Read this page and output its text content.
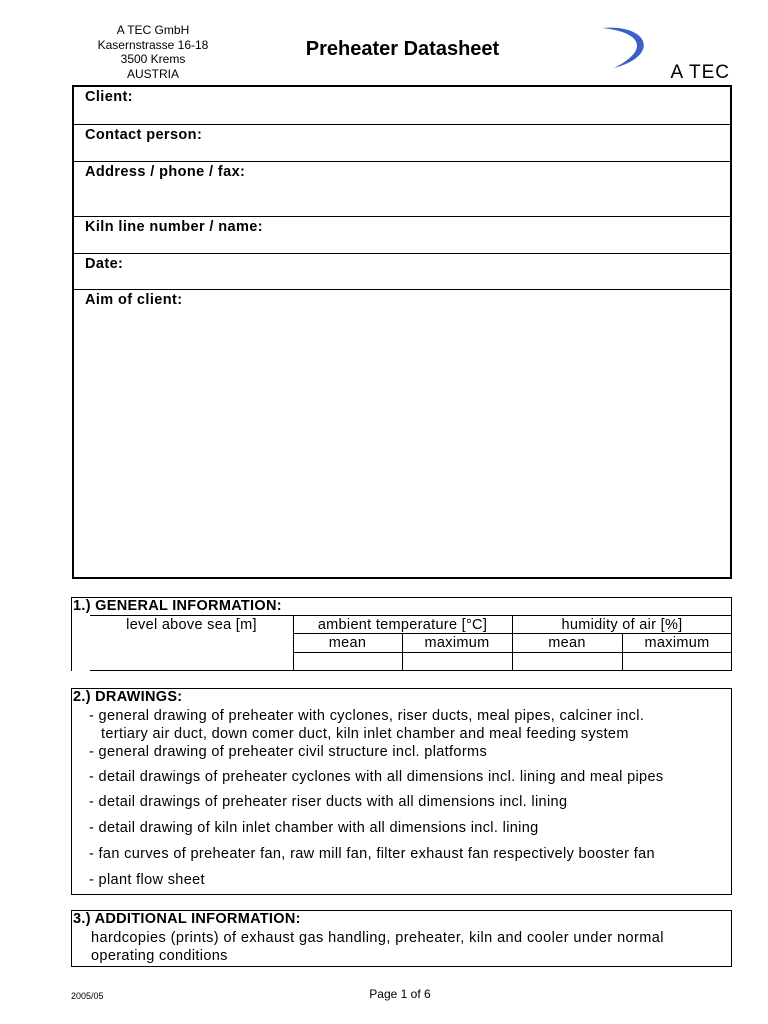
A TEC GmbH
Kasernstrasse 16-18
3500 Krems
AUSTRIA
Preheater Datasheet
A TEC
Client:
Contact person:
Address / phone / fax:
Kiln line number / name:
Date:
Aim of client:
1.) GENERAL INFORMATION:
level above sea [m]	ambient temperature [°C]	humidity of air [%]
mean	maximum	mean	maximum
2.) DRAWINGS:
- general drawing of preheater with cyclones, riser ducts, meal pipes, calciner incl.
tertiary air duct, down comer duct, kiln inlet chamber and meal feeding system
- general drawing of preheater civil structure incl. platforms
- detail drawings of preheater cyclones with all dimensions incl. lining and meal pipes
- detail drawings of preheater riser ducts with all dimensions incl. lining
- detail drawing of kiln inlet chamber with all dimensions incl. lining
- fan curves of preheater fan, raw mill fan, filter exhaust fan respectively booster fan
- plant flow sheet
3.) ADDITIONAL INFORMATION:
hardcopies (prints) of exhaust gas handling, preheater, kiln and cooler under normal
operating conditions
2005/05	Page 1 of 6
